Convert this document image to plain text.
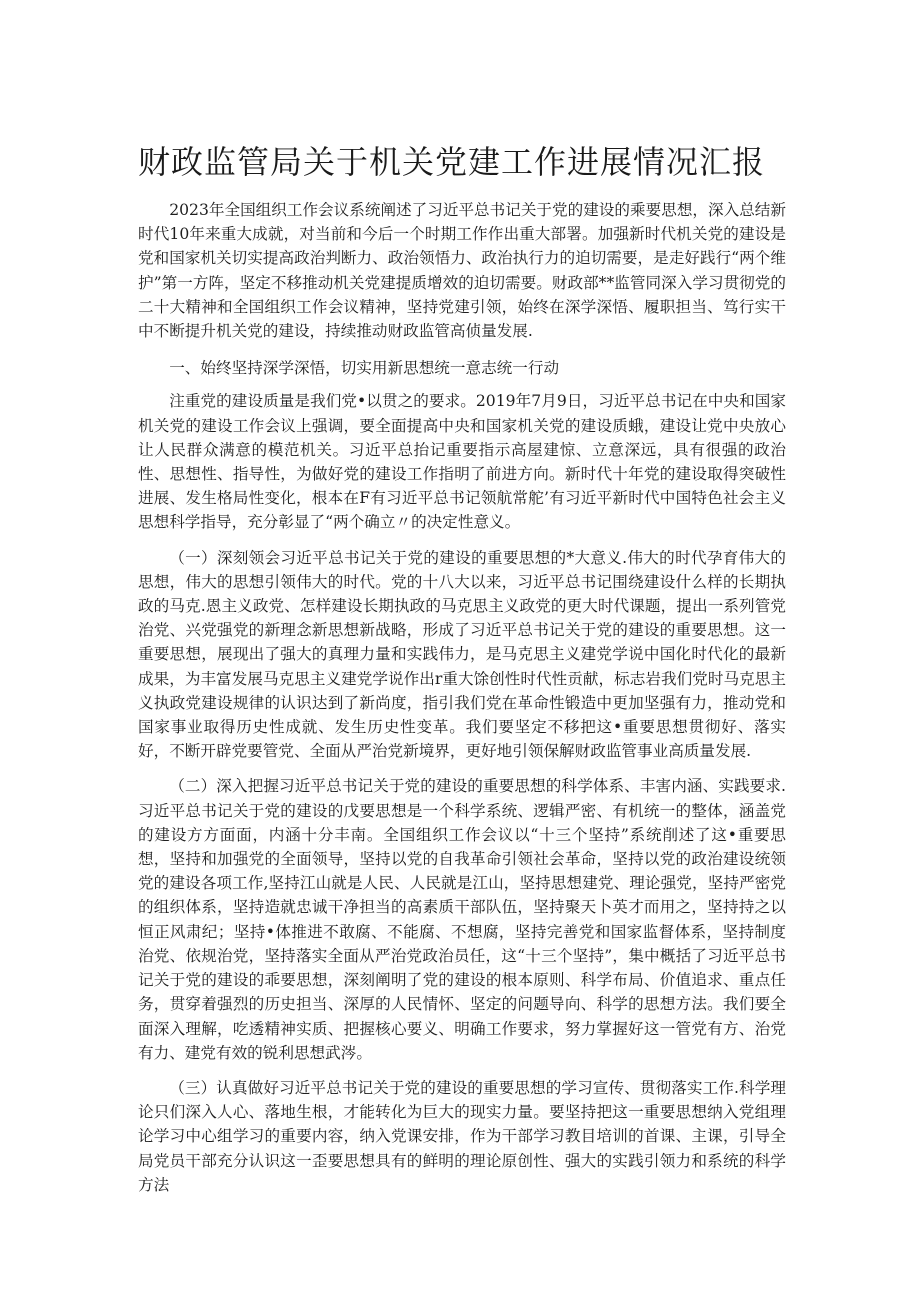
财政监管局关于机关党建工作进展情况汇报

2023年全国组织工作会议系统阐述了习近平总书记关于党的建设的乘要思想，深入总结新时代10年来重大成就，对当前和今后一个时期工作作出重大部署。加强新时代机关党的建设是党和国家机关切实提高政治判断力、政治领悟力、政治执行力的迫切需要，是走好践行“两个维护”第一方阵，坚定不移推动机关党建提质增效的迫切需要。财政部**监管同深入学习贯彻党的二十大精神和全国组织工作会议精神，坚持党建引领，始终在深学深悟、履职担当、笃行实干中不断提升机关党的建设，持续推动财政监管高侦量发展.

一、始终坚持深学深悟，切实用新思想统一意志统一行动

注重党的建设质量是我们党•以贯之的要求。2019年7月9日，习近平总书记在中央和国家机关党的建设工作会议上强调，要全面提高中央和国家机关党的建设质蛾，建设让党中央放心让人民群众满意的模范机关。习近平总抬记重要指示高屋建惊、立意深远，具有很强的政治性、思想性、指导性，为做好党的建设工作指明了前进方向。新时代十年党的建设取得突破性进展、发生格局性变化，根本在F有习近平总书记领航常舵’有习近平新时代中国特色社会主义思想科学指导，充分彰显了“两个确立〃的决定性意义。

（一）深刻领会习近平总书记关于党的建设的重要思想的*大意义.伟大的时代孕育伟大的思想，伟大的思想引领伟大的时代。党的十八大以来，习近平总书记围绕建设什么样的长期执政的马克.恩主义政党、怎样建设长期执政的马克思主义政党的更大时代课题，提出一系列管党治党、兴党强党的新理念新思想新战略，形成了习近平总书记关于党的建设的重要思想。这一重要思想，展现出了强大的真理力量和实践伟力，是马克思主义建党学说中国化时代化的最新成果，为丰富发展马克思主义建党学说作出r重大馀创性时代性贡献，标志岩我们党时马克思主义执政党建设规律的认识达到了新尚度，指引我们党在革命性锻造中更加坚强有力，推动党和国家事业取得历史性成就、发生历史性变革。我们要坚定不移把这•重要思想贯彻好、落实好，不断开辟党要管党、全面从严治党新境界，更好地引领保解财政监管事业高质量发展.

（二）深入把握习近平总书记关于党的建设的重要思想的科学体系、丰害内涵、实践要求.习近平总书记关于党的建设的戊要思想是一个科学系统、逻辑严密、有机统一的整体，涵盖党的建设方方面面，内涵十分丰南。全国组织工作会议以“十三个坚持”系统削述了这•重要思想，坚持和加强党的全面领导，坚持以党的自我革命引领社会革命，坚持以党的政治建设统领党的建设各项工作,坚持江山就是人民、人民就是江山，坚持思想建党、理论强党，坚持严密党的组织体系，坚持造就忠诚干净担当的高素质干部队伍，坚持聚天卜英才而用之，坚持持之以恒正风肃纪；坚持•体推进不敢腐、不能腐、不想腐，坚持完善党和国家监督体系，坚持制度治党、依规治党，坚持落实全面从严治党政治员任，这“十三个坚持”，集中概括了习近平总书记关于党的建设的乖要思想，深刻阐明了党的建设的根本原则、科学布局、价值追求、重点任务，贯穿着强烈的历史担当、深厚的人民情怀、坚定的问题导向、科学的思想方法。我们要全面深入理解，吃透精神实质、把握核心要义、明确工作要求，努力掌握好这一管党有方、治党有力、建党有效的锐利思想武涔。

（三）认真做好习近平总书记关于党的建设的重要思想的学习宣传、贯彻落实工作.科学理论只们深入人心、落地生根，才能转化为巨大的现实力量。要坚持把这一重要思想纳入党组理论学习中心组学习的重要内容，纳入党课安排，作为干部学习教目培训的首课、主课，引导全局党员干部充分认识这一歪要思想具有的鲜明的理论原创性、强大的实践引领力和系统的科学方法
